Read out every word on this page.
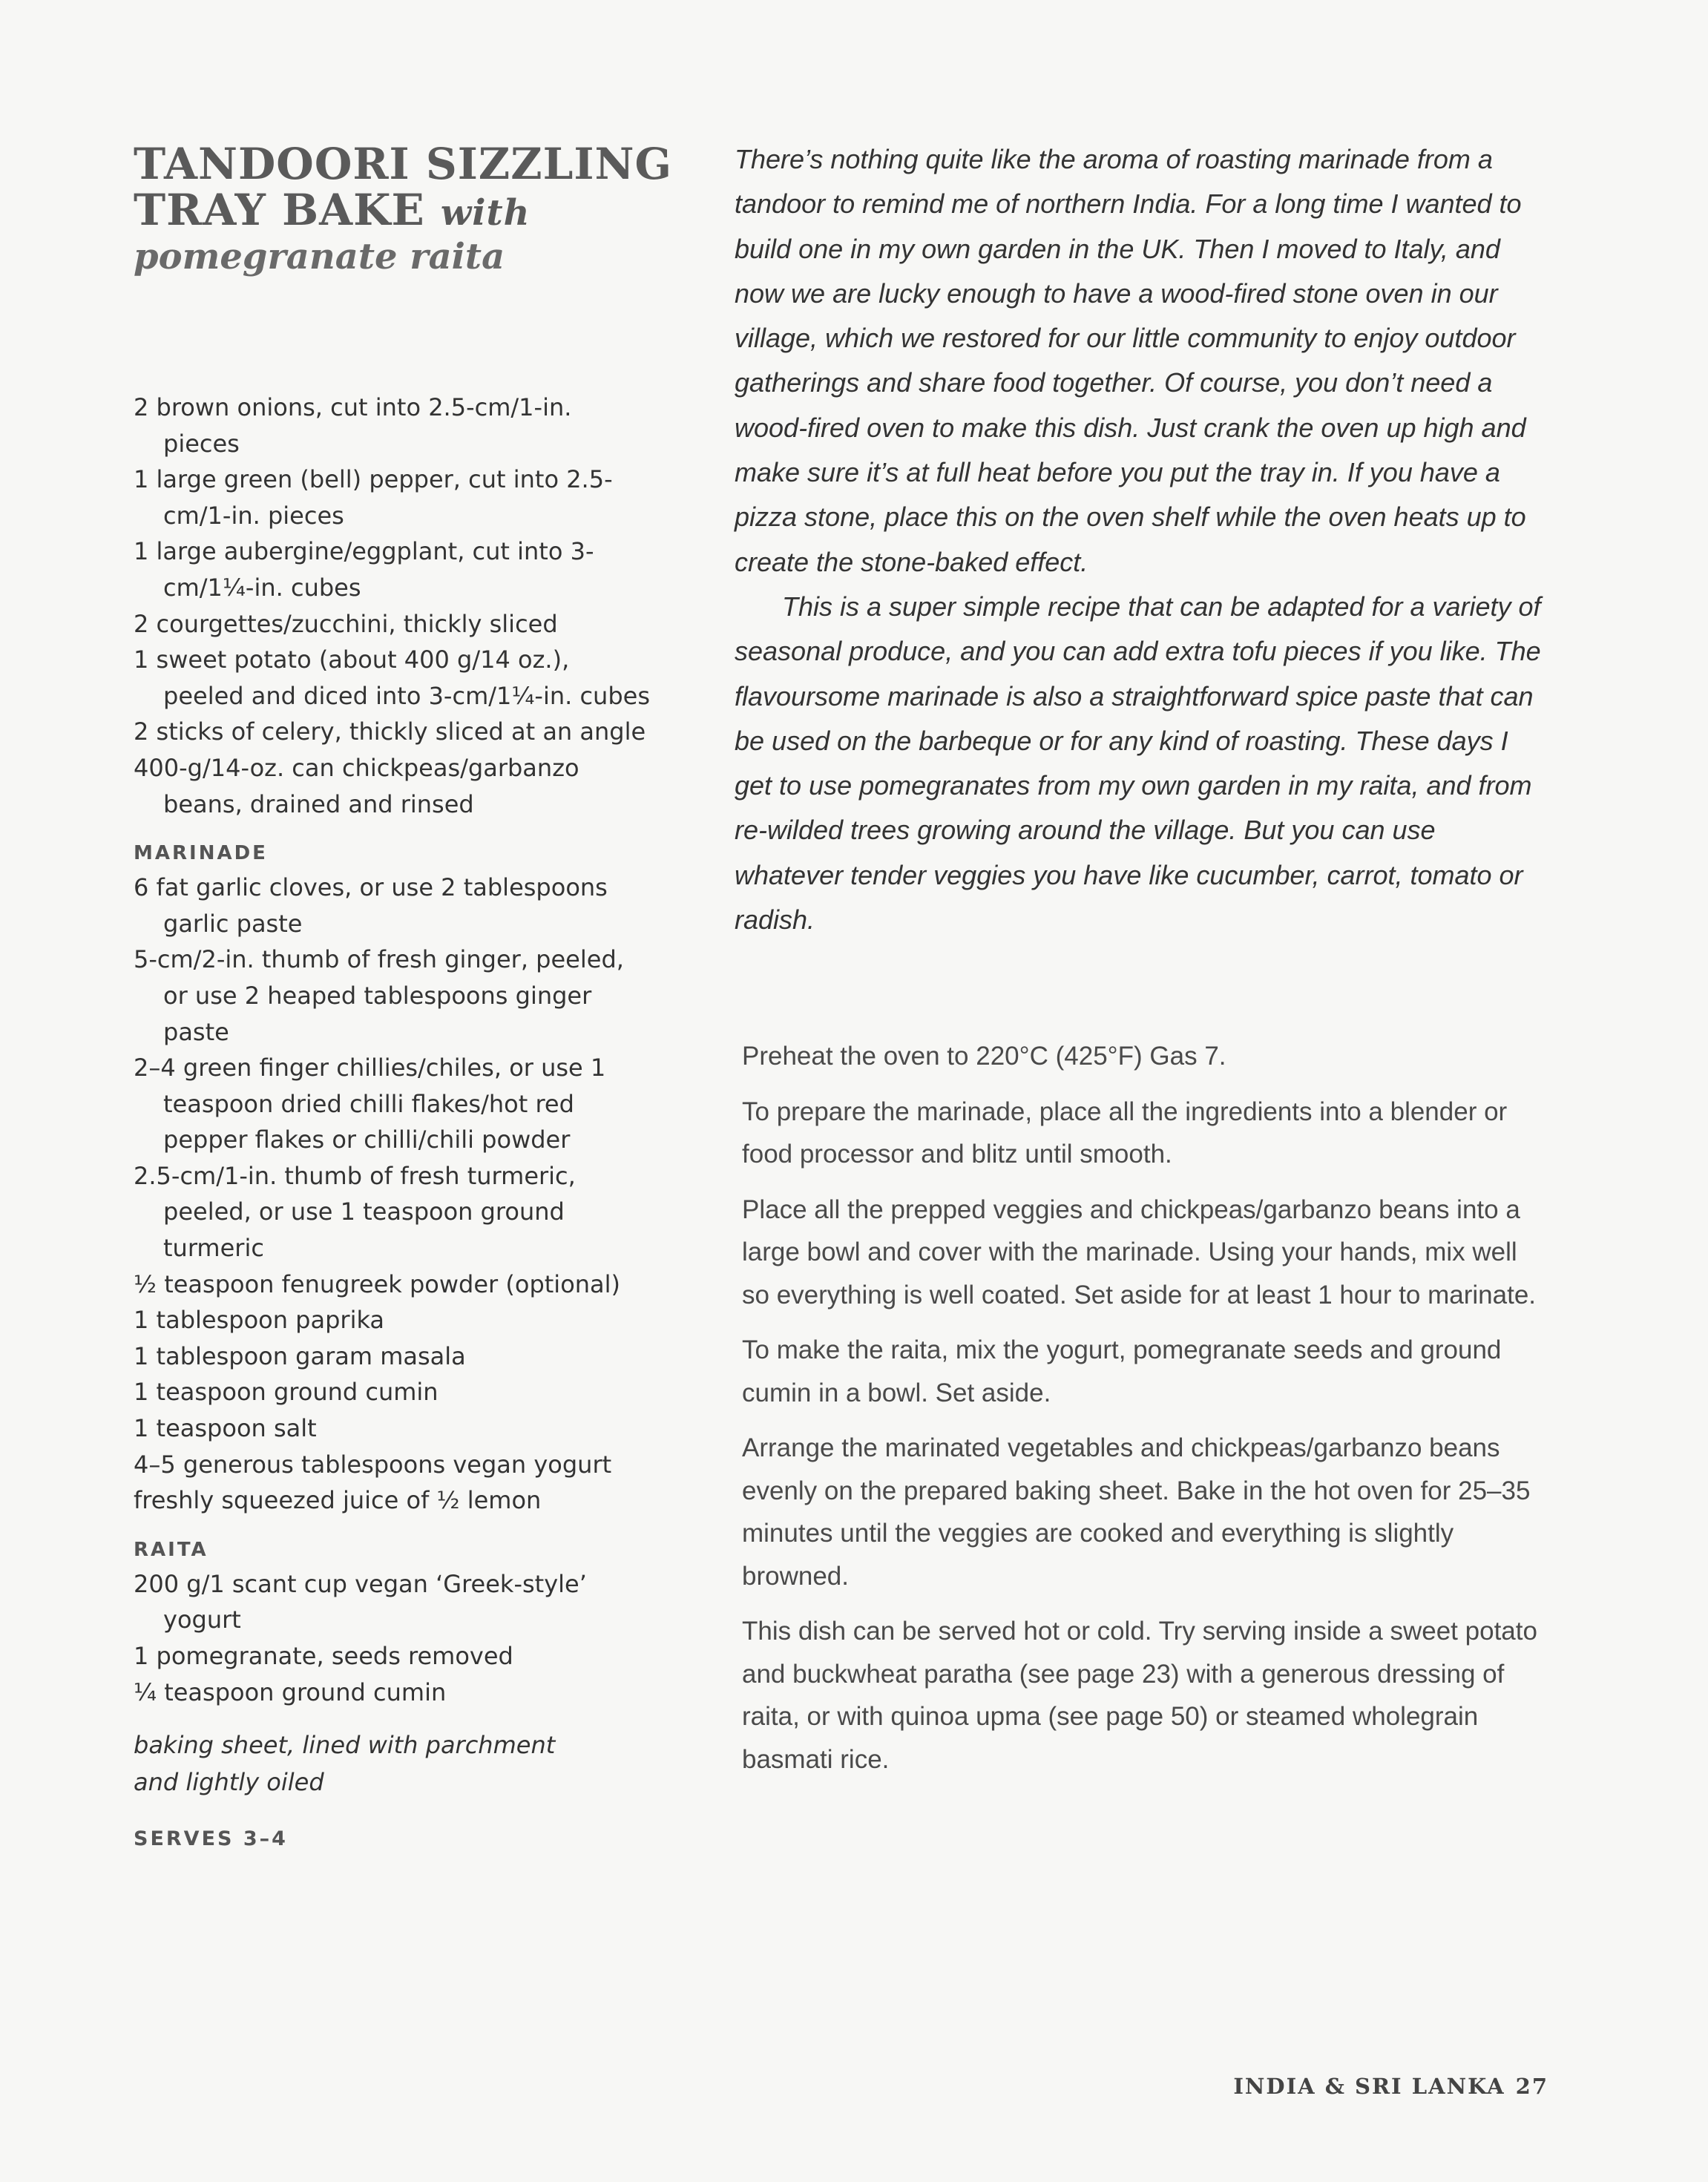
TANDOORI SIZZLING
TRAY BAKE with
pomegranate raita
2 brown onions, cut into 2.5-cm/1-in. pieces
1 large green (bell) pepper, cut into 2.5-cm/1-in. pieces
1 large aubergine/eggplant, cut into 3-cm/1¼-in. cubes
2 courgettes/zucchini, thickly sliced
1 sweet potato (about 400 g/14 oz.), peeled and diced into 3-cm/1¼-in. cubes
2 sticks of celery, thickly sliced at an angle
400-g/14-oz. can chickpeas/garbanzo beans, drained and rinsed
MARINADE
6 fat garlic cloves, or use 2 tablespoons garlic paste
5-cm/2-in. thumb of fresh ginger, peeled, or use 2 heaped tablespoons ginger paste
2–4 green finger chillies/chiles, or use 1 teaspoon dried chilli flakes/hot red pepper flakes or chilli/chili powder
2.5-cm/1-in. thumb of fresh turmeric, peeled, or use 1 teaspoon ground turmeric
½ teaspoon fenugreek powder (optional)
1 tablespoon paprika
1 tablespoon garam masala
1 teaspoon ground cumin
1 teaspoon salt
4–5 generous tablespoons vegan yogurt
freshly squeezed juice of ½ lemon
RAITA
200 g/1 scant cup vegan ‘Greek-style’ yogurt
1 pomegranate, seeds removed
¼ teaspoon ground cumin
baking sheet, lined with parchment
and lightly oiled
SERVES 3–4

There’s nothing quite like the aroma of roasting marinade from a tandoor to remind me of northern India. For a long time I wanted to build one in my own garden in the UK. Then I moved to Italy, and now we are lucky enough to have a wood-fired stone oven in our village, which we restored for our little community to enjoy outdoor gatherings and share food together. Of course, you don’t need a wood-fired oven to make this dish. Just crank the oven up high and make sure it’s at full heat before you put the tray in. If you have a pizza stone, place this on the oven shelf while the oven heats up to create the stone-baked effect.

This is a super simple recipe that can be adapted for a variety of seasonal produce, and you can add extra tofu pieces if you like. The flavoursome marinade is also a straightforward spice paste that can be used on the barbeque or for any kind of roasting. These days I get to use pomegranates from my own garden in my raita, and from re-wilded trees growing around the village. But you can use whatever tender veggies you have like cucumber, carrot, tomato or radish.

Preheat the oven to 220°C (425°F) Gas 7.

To prepare the marinade, place all the ingredients into a blender or food processor and blitz until smooth.

Place all the prepped veggies and chickpeas/garbanzo beans into a large bowl and cover with the marinade. Using your hands, mix well so everything is well coated. Set aside for at least 1 hour to marinate.

To make the raita, mix the yogurt, pomegranate seeds and ground cumin in a bowl. Set aside.

Arrange the marinated vegetables and chickpeas/garbanzo beans evenly on the prepared baking sheet. Bake in the hot oven for 25–35 minutes until the veggies are cooked and everything is slightly browned.

This dish can be served hot or cold. Try serving inside a sweet potato and buckwheat paratha (see page 23) with a generous dressing of raita, or with quinoa upma (see page 50) or steamed wholegrain basmati rice.

INDIA & SRI LANKA 27
